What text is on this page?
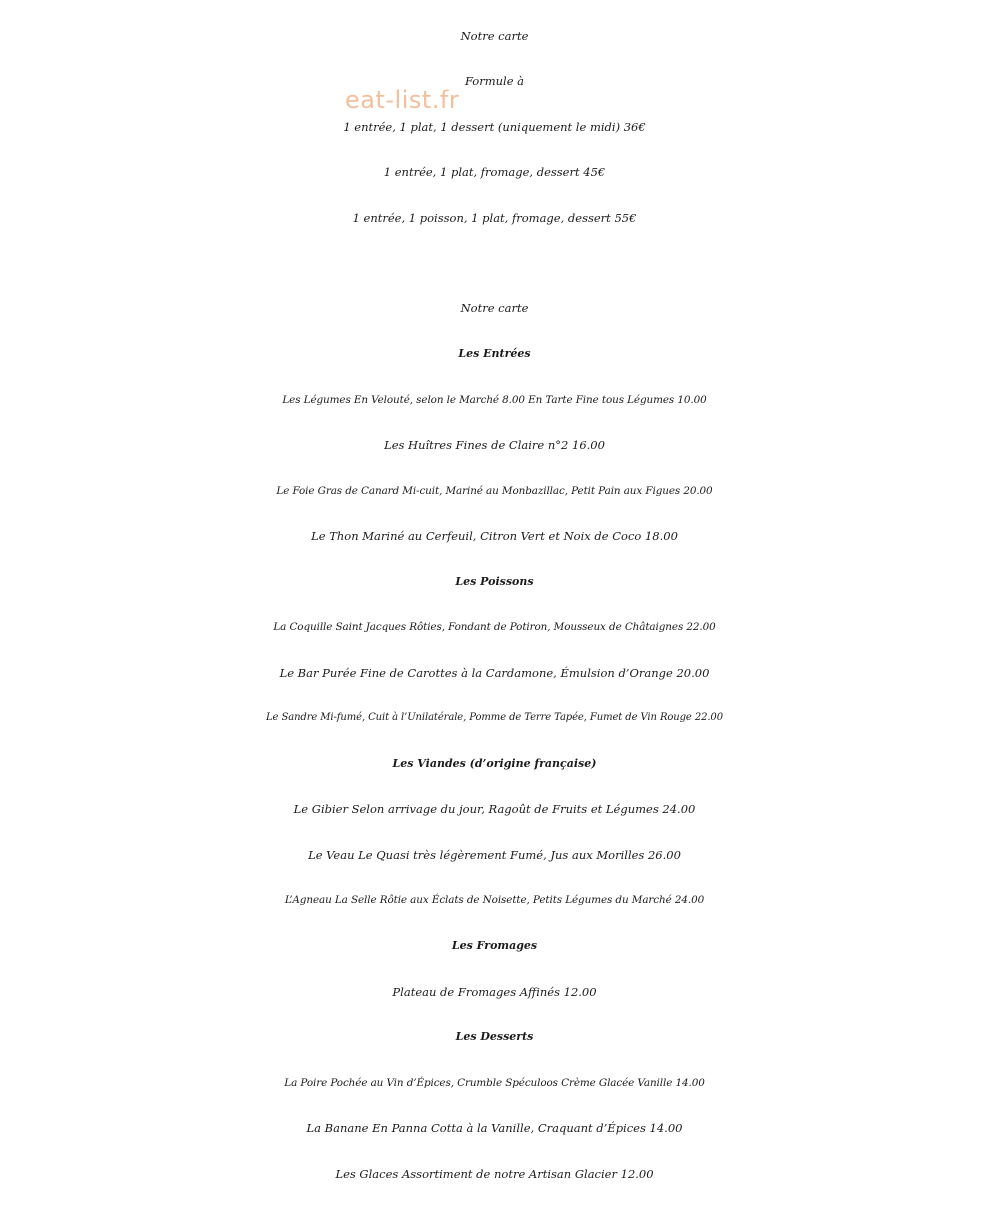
Notre carte
Formule à
1 entrée, 1 plat, 1 dessert (uniquement le midi) 36€
1 entrée, 1 plat, fromage, dessert 45€
1 entrée, 1 poisson, 1 plat, fromage, dessert 55€
eat-list.fr
Notre carte
Les Entrées
Les Légumes En Velouté, selon le Marché 8.00 En Tarte Fine tous Légumes 10.00
Les Huîtres Fines de Claire n°2 16.00
Le Foie Gras de Canard Mi-cuit, Mariné au Monbazillac, Petit Pain aux Figues 20.00
Le Thon Mariné au Cerfeuil, Citron Vert et Noix de Coco 18.00
Les Poissons
La Coquille Saint Jacques Rôties, Fondant de Potiron, Mousseux de Châtaignes 22.00
Le Bar Purée Fine de Carottes à la Cardamone, Émulsion d’Orange 20.00
Le Sandre Mi-fumé, Cuit à l’Unilatérale, Pomme de Terre Tapée, Fumet de Vin Rouge 22.00
Les Viandes (d’origine française)
Le Gibier Selon arrivage du jour, Ragoût de Fruits et Légumes 24.00
Le Veau Le Quasi très légèrement Fumé, Jus aux Morilles 26.00
L’Agneau La Selle Rôtie aux Éclats de Noisette, Petits Légumes du Marché 24.00
Les Fromages
Plateau de Fromages Affinés 12.00
Les Desserts
La Poire Pochée au Vin d’Épices, Crumble Spéculoos Crème Glacée Vanille 14.00
La Banane En Panna Cotta à la Vanille, Craquant d’Épices 14.00
Les Glaces Assortiment de notre Artisan Glacier 12.00
